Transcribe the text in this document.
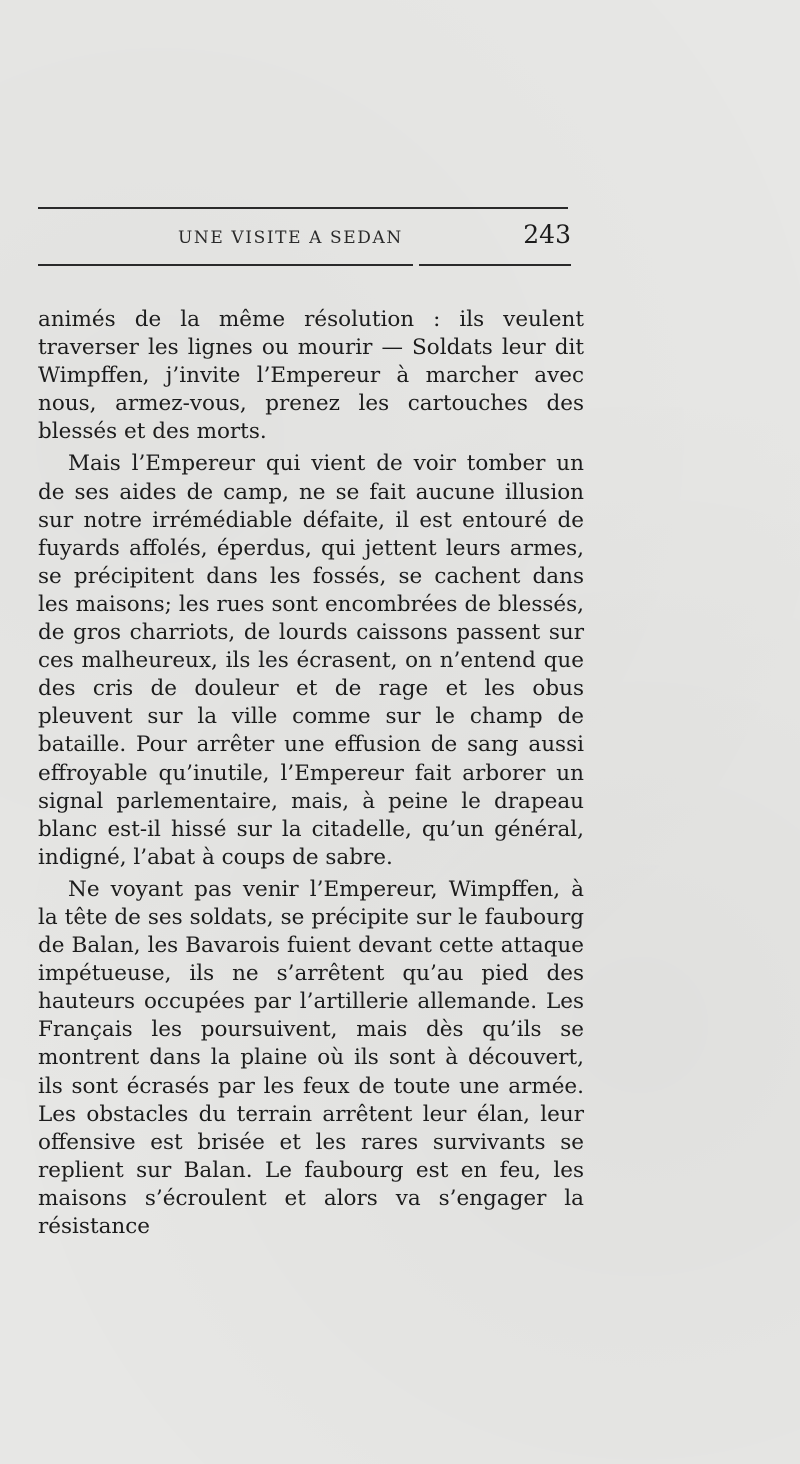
UNE VISITE A SEDAN	243

animés de la même résolution : ils veulent traverser les lignes ou mourir — Soldats leur dit Wimpffen, j’invite l’Empereur à marcher avec nous, armez-vous, prenez les cartouches des blessés et des morts.

Mais l’Empereur qui vient de voir tomber un de ses aides de camp, ne se fait aucune illusion sur notre irrémédiable défaite, il est entouré de fuyards affolés, éperdus, qui jettent leurs armes, se précipitent dans les fossés, se cachent dans les maisons; les rues sont encombrées de blessés, de gros charriots, de lourds caissons passent sur ces malheureux, ils les écrasent, on n’entend que des cris de douleur et de rage et les obus pleuvent sur la ville comme sur le champ de bataille. Pour arrêter une effusion de sang aussi effroyable qu’inutile, l’Empereur fait arborer un signal parlementaire, mais, à peine le drapeau blanc est-il hissé sur la citadelle, qu’un général, indigné, l’abat à coups de sabre.

Ne voyant pas venir l’Empereur, Wimpffen, à la tête de ses soldats, se précipite sur le faubourg de Balan, les Bavarois fuient devant cette attaque impétueuse, ils ne s’arrêtent qu’au pied des hauteurs occupées par l’artillerie allemande. Les Français les poursuivent, mais dès qu’ils se montrent dans la plaine où ils sont à découvert, ils sont écrasés par les feux de toute une armée. Les obstacles du terrain arrêtent leur élan, leur offensive est brisée et les rares survivants se replient sur Balan. Le faubourg est en feu, les maisons s’écroulent et alors va s’engager la résistance
